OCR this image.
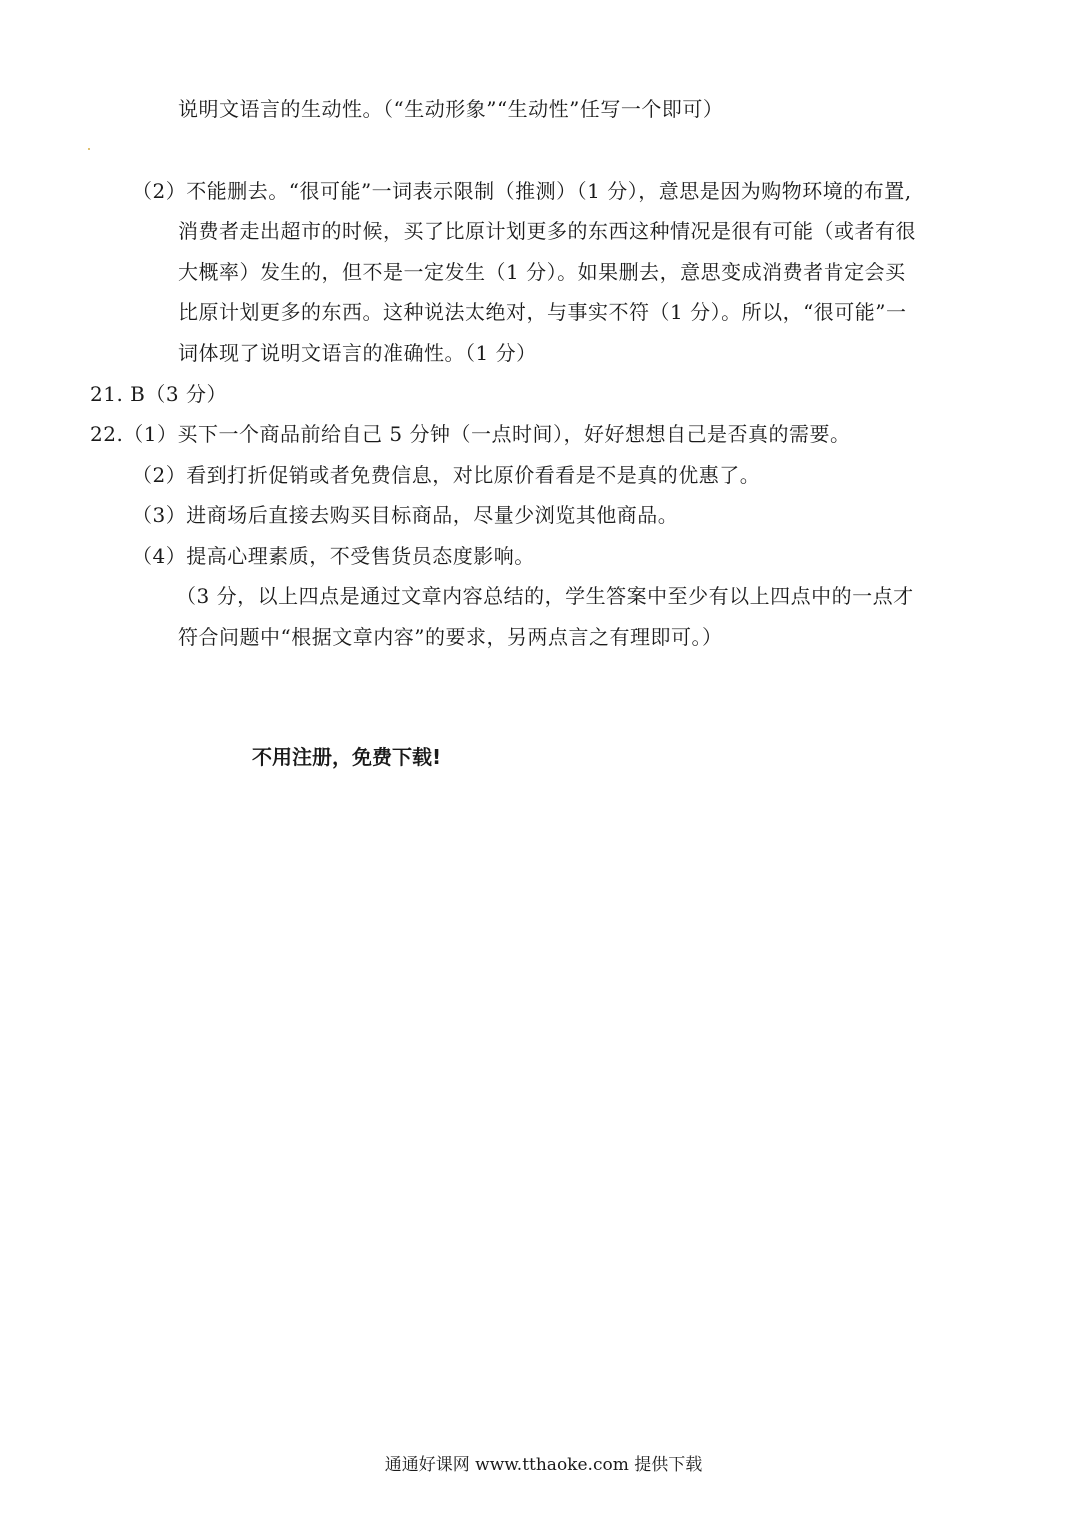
说明文语言的生动性。（“生动形象”“生动性”任写一个即可）
（2）不能删去。“很可能”一词表示限制（推测）（1 分），意思是因为购物环境的布置,
消费者走出超市的时候，买了比原计划更多的东西这种情况是很有可能（或者有很
大概率）发生的，但不是一定发生（1 分）。如果删去，意思变成消费者肯定会买
比原计划更多的东西。这种说法太绝对，与事实不符（1 分）。所以，“很可能”一
词体现了说明文语言的准确性。（1 分）
21. B（3 分）
22.（1）买下一个商品前给自己 5 分钟（一点时间），好好想想自己是否真的需要。
（2）看到打折促销或者免费信息，对比原价看看是不是真的优惠了。
（3）进商场后直接去购买目标商品，尽量少浏览其他商品。
（4）提高心理素质，不受售货员态度影响。
（3 分，以上四点是通过文章内容总结的，学生答案中至少有以上四点中的一点才
符合问题中“根据文章内容”的要求，另两点言之有理即可。）
不用注册，免费下载!
通通好课网 www.tthaoke.com 提供下载
